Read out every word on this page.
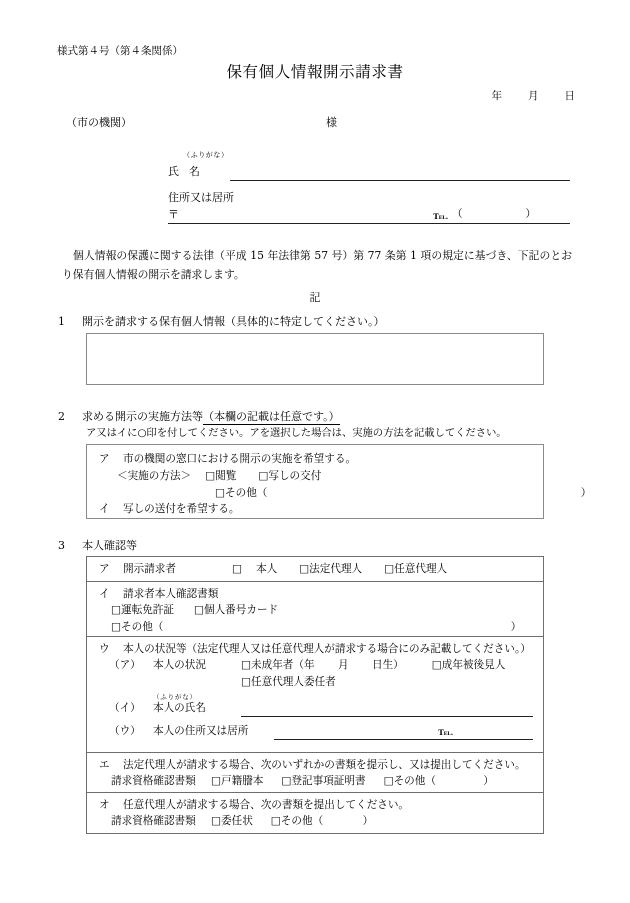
様式第４号（第４条関係）
保有個人情報開示請求書
年 月 日
（市の機関）	様
（ふりがな）
氏名
住所又は居所
〒	Tel. （　　）
個人情報の保護に関する法律（平成 15 年法律第 57 号）第 77 条第 1 項の規定に基づき、下記のとおり保有個人情報の開示を請求します。
記
1 開示を請求する保有個人情報（具体的に特定してください。）
2 求める開示の実施方法等（本欄の記載は任意です。）
ア又はイに○印を付してください。アを選択した場合は、実施の方法を記載してください。
ア 市の機関の窓口における開示の実施を希望する。
＜実施の方法＞ □閲覧 □写しの交付
□その他（	）
イ 写しの送付を希望する。
3 本人確認等
ア 開示請求者	□ 本人 □法定代理人 □任意代理人
イ 請求者本人確認書類
□運転免許証 □個人番号カード
□その他（	）
ウ 本人の状況等（法定代理人又は任意代理人が請求する場合にのみ記載してください。）
（ア） 本人の状況	□未成年者（年 月 日生）	□成年被後見人
□任意代理人委任者
（ふりがな）
（イ） 本人の氏名
（ウ） 本人の住所又は居所	Tel.
エ 法定代理人が請求する場合、次のいずれかの書類を提示し、又は提出してください。
請求資格確認書類 □戸籍謄本 □登記事項証明書 □その他（	）
オ 任意代理人が請求する場合、次の書類を提出してください。
請求資格確認書類 □委任状 □その他（	）
